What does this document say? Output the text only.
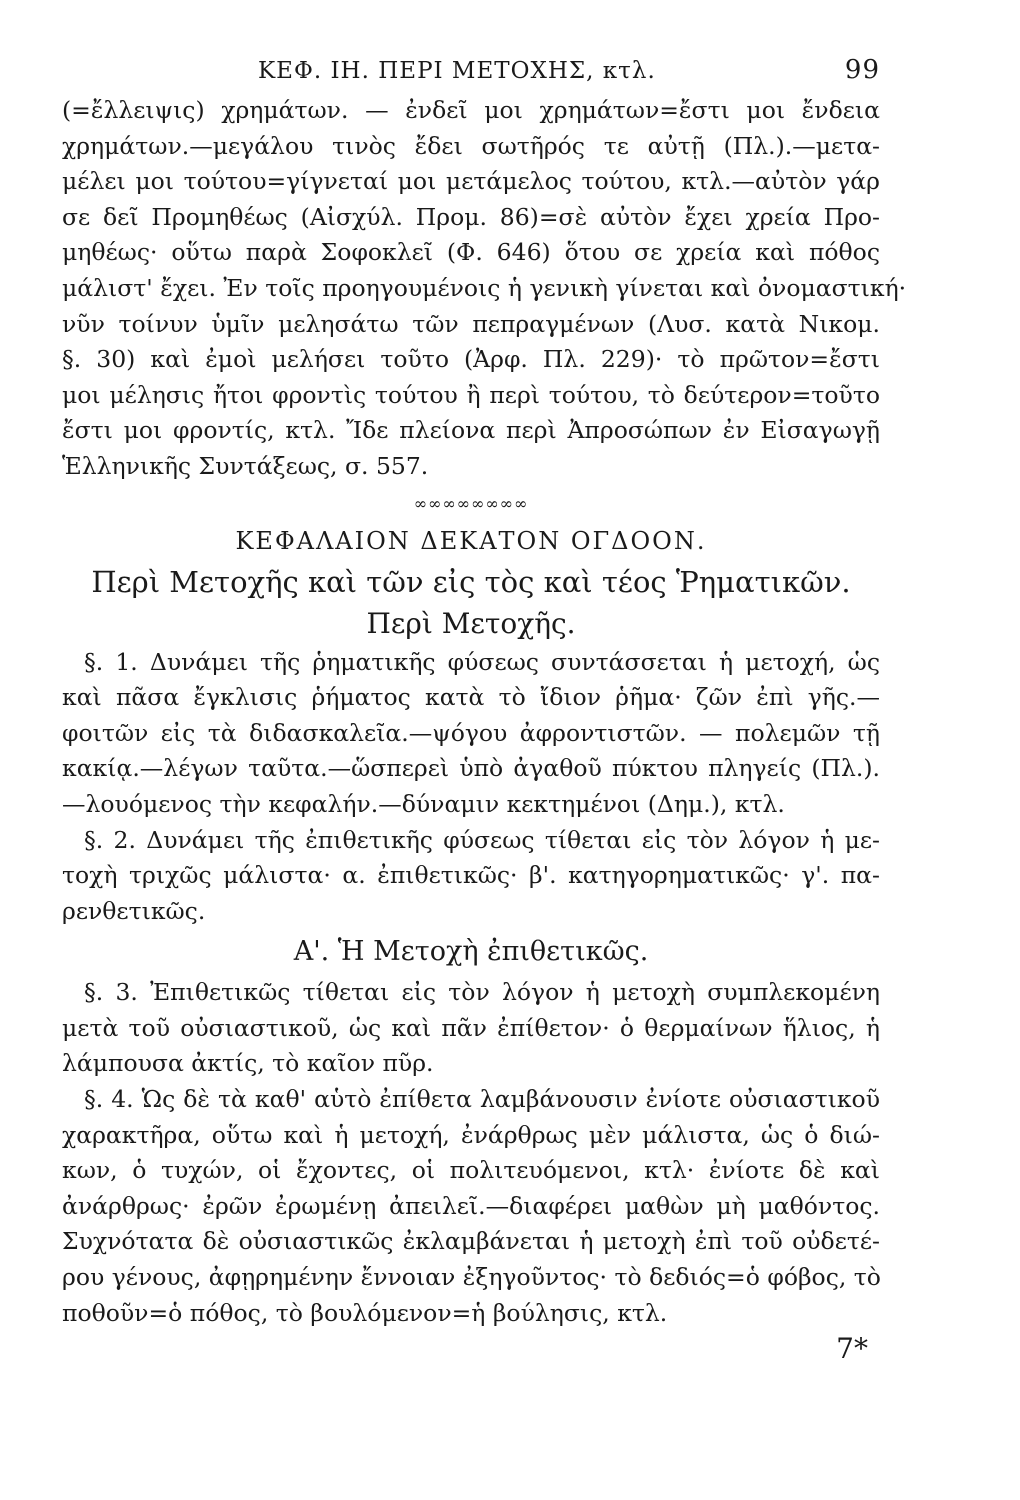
ΚΕΦ. ΙΗ. ΠΕΡΙ ΜΕΤΟΧΗΣ, κτλ.	99
(=ἔλλειψις) χρημάτων. — ἐνδεῖ μοι χρημάτων=ἔστι μοι ἔνδεια
χρημάτων.—μεγάλου τινὸς ἔδει σωτῆρός τε αὐτῇ (Πλ.).—μετα-
μέλει μοι τούτου=γίγνεταί μοι μετάμελος τούτου, κτλ.—αὐτὸν γάρ
σε δεῖ Προμηθέως (Αἰσχύλ. Προμ. 86)=σὲ αὐτὸν ἔχει χρεία Προ-
μηθέως· οὕτω παρὰ Σοφοκλεῖ (Φ. 646) ὅτου σε χρεία καὶ πόθος
μάλιστ' ἔχει. Ἐν τοῖς προηγουμένοις ἡ γενικὴ γίνεται καὶ ὀνομαστική·
νῦν τοίνυν ὑμῖν μελησάτω τῶν πεπραγμένων (Λυσ. κατὰ Νικομ.
§. 30) καὶ ἐμοὶ μελήσει τοῦτο (Ἀρφ. Πλ. 229)· τὸ πρῶτον=ἔστι
μοι μέλησις ἤτοι φροντὶς τούτου ἢ περὶ τούτου, τὸ δεύτερον=τοῦτο
ἔστι μοι φροντίς, κτλ. Ἴδε πλείονα περὶ Ἀπροσώπων ἐν Εἰσαγωγῇ
Ἑλληνικῆς Συντάξεως, σ. 557.
∞∞∞∞∞∞∞∞
ΚΕΦΑΛΑΙΟΝ ΔΕΚΑΤΟΝ ΟΓΔΟΟΝ.
Περὶ Μετοχῆς καὶ τῶν εἰς τὸς καὶ τέος Ῥηματικῶν.
Περὶ Μετοχῆς.
§. 1. Δυνάμει τῆς ῥηματικῆς φύσεως συντάσσεται ἡ μετοχή, ὡς
καὶ πᾶσα ἔγκλισις ῥήματος κατὰ τὸ ἴδιον ῥῆμα· ζῶν ἐπὶ γῆς.—
φοιτῶν εἰς τὰ διδασκαλεῖα.—ψόγου ἀφροντιστῶν. — πολεμῶν τῇ
κακίᾳ.—λέγων ταῦτα.—ὥσπερεὶ ὑπὸ ἀγαθοῦ πύκτου πληγείς (Πλ.).
—λουόμενος τὴν κεφαλήν.—δύναμιν κεκτημένοι (Δημ.), κτλ.
§. 2. Δυνάμει τῆς ἐπιθετικῆς φύσεως τίθεται εἰς τὸν λόγον ἡ με-
τοχὴ τριχῶς μάλιστα· α. ἐπιθετικῶς· β'. κατηγορηματικῶς· γ'. πα-
ρενθετικῶς.
Α'. Ἡ Μετοχὴ ἐπιθετικῶς.
§. 3. Ἐπιθετικῶς τίθεται εἰς τὸν λόγον ἡ μετοχὴ συμπλεκομένη
μετὰ τοῦ οὐσιαστικοῦ, ὡς καὶ πᾶν ἐπίθετον· ὁ θερμαίνων ἥλιος, ἡ
λάμπουσα ἀκτίς, τὸ καῖον πῦρ.
§. 4. Ὡς δὲ τὰ καθ' αὑτὸ ἐπίθετα λαμβάνουσιν ἐνίοτε οὐσιαστικοῦ
χαρακτῆρα, οὕτω καὶ ἡ μετοχή, ἐνάρθρως μὲν μάλιστα, ὡς ὁ διώ-
κων, ὁ τυχών, οἱ ἔχοντες, οἱ πολιτευόμενοι, κτλ· ἐνίοτε δὲ καὶ
ἀνάρθρως· ἐρῶν ἐρωμένῃ ἀπειλεῖ.—διαφέρει μαθὼν μὴ μαθόντος.
Συχνότατα δὲ οὐσιαστικῶς ἐκλαμβάνεται ἡ μετοχὴ ἐπὶ τοῦ οὐδετέ-
ρου γένους, ἀφῃρημένην ἔννοιαν ἐξηγοῦντος· τὸ δεδιός=ὁ φόβος, τὸ
ποθοῦν=ὁ πόθος, τὸ βουλόμενον=ἡ βούλησις, κτλ.
7*
